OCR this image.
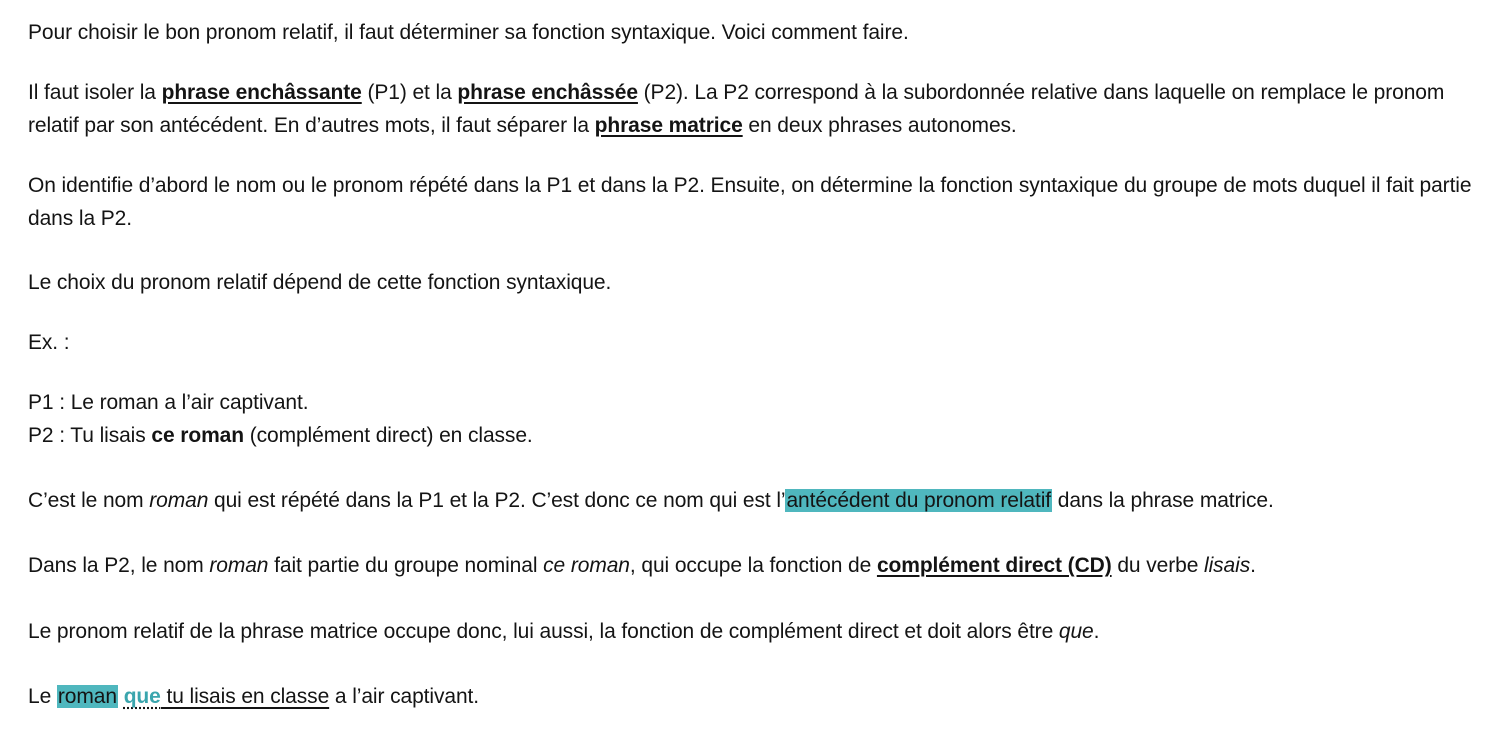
Pour choisir le bon pronom relatif, il faut déterminer sa fonction syntaxique. Voici comment faire.

Il faut isoler la phrase enchâssante (P1) et la phrase enchâssée (P2). La P2 correspond à la subordonnée relative dans laquelle on remplace le pronom relatif par son antécédent. En d’autres mots, il faut séparer la phrase matrice en deux phrases autonomes.

On identifie d’abord le nom ou le pronom répété dans la P1 et dans la P2. Ensuite, on détermine la fonction syntaxique du groupe de mots duquel il fait partie dans la P2.

Le choix du pronom relatif dépend de cette fonction syntaxique.

Ex. :

P1 : Le roman a l’air captivant.

P2 : Tu lisais ce roman (complément direct) en classe.

C’est le nom roman qui est répété dans la P1 et la P2. C’est donc ce nom qui est l’antécédent du pronom relatif dans la phrase matrice.

Dans la P2, le nom roman fait partie du groupe nominal ce roman, qui occupe la fonction de complément direct (CD) du verbe lisais.

Le pronom relatif de la phrase matrice occupe donc, lui aussi, la fonction de complément direct et doit alors être que.

Le roman que tu lisais en classe a l’air captivant.
